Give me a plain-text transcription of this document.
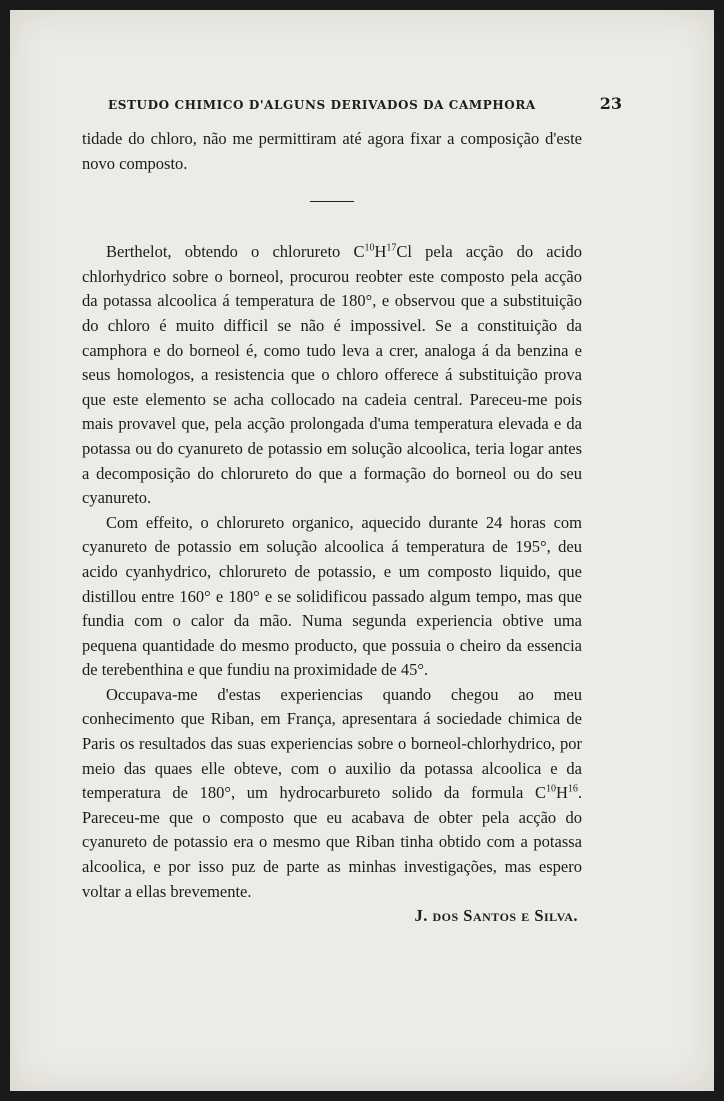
ESTUDO CHIMICO D'ALGUNS DERIVADOS DA CAMPHORA	23

tidade do chloro, não me permittiram até agora fixar a composição d'este novo composto.

Berthelot, obtendo o chlorureto $C^{10}H^{17}Cl$ pela acção do acido chlorhydrico sobre o borneol, procurou reobter este composto pela acção da potassa alcoolica á temperatura de 180°, e observou que a substituição do chloro é muito difficil se não é impossivel. Se a constituição da camphora e do borneol é, como tudo leva a crer, analoga á da benzina e seus homologos, a resistencia que o chloro offerece á substituição prova que este elemento se acha collocado na cadeia central. Pareceu-me pois mais provavel que, pela acção prolongada d'uma temperatura elevada e da potassa ou do cyanureto de potassio em solução alcoolica, teria logar antes a decomposição do chlorureto do que a formação do borneol ou do seu cyanureto.

Com effeito, o chlorureto organico, aquecido durante 24 horas com cyanureto de potassio em solução alcoolica á temperatura de 195°, deu acido cyanhydrico, chlorureto de potassio, e um composto liquido, que distillou entre 160° e 180° e se solidificou passado algum tempo, mas que fundia com o calor da mão. Numa segunda experiencia obtive uma pequena quantidade do mesmo producto, que possuia o cheiro da essencia de terebenthina e que fundiu na proximidade de 45°.

Occupava-me d'estas experiencias quando chegou ao meu conhecimento que Riban, em França, apresentara á sociedade chimica de Paris os resultados das suas experiencias sobre o borneol-chlorhydrico, por meio das quaes elle obteve, com o auxilio da potassa alcoolica e da temperatura de 180°, um hydrocarbureto solido da formula $C^{10}H^{16}$. Pareceu-me que o composto que eu acabava de obter pela acção do cyanureto de potassio era o mesmo que Riban tinha obtido com a potassa alcoolica, e por isso puz de parte as minhas investigações, mas espero voltar a ellas brevemente.

J. dos Santos e Silva.
